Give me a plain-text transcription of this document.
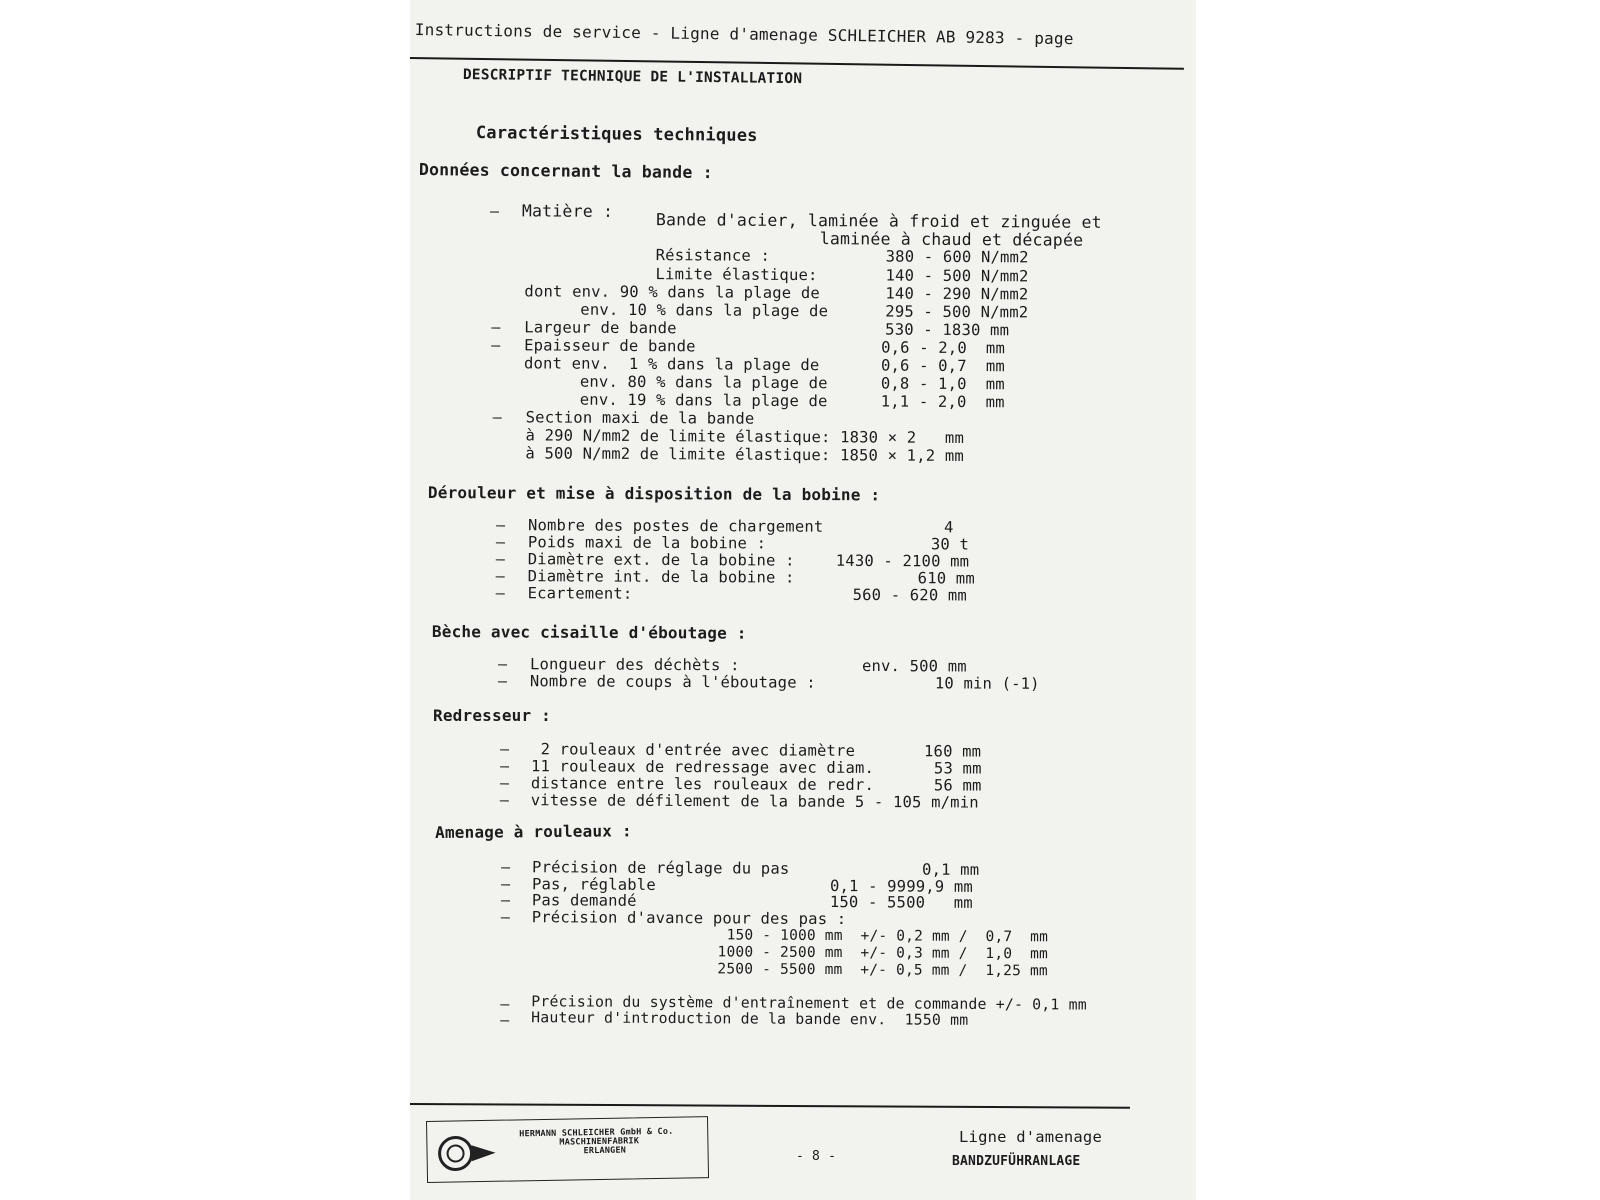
Instructions de service - Ligne d'amenage SCHLEICHER AB 9283 - page
DESCRIPTIF TECHNIQUE DE L'INSTALLATION
Caractéristiques techniques
Données concernant la bande :
– Matière :	Bande d'acier, laminée à froid et zinguée et
laminée à chaud et décapée
Résistance :	380 - 600 N/mm2
Limite élastique:	140 - 500 N/mm2
dont env. 90 % dans la plage de	140 - 290 N/mm2
env. 10 % dans la plage de	295 - 500 N/mm2
– Largeur de bande	530 - 1830 mm
– Epaisseur de bande	0,6 - 2,0  mm
dont env.  1 % dans la plage de	0,6 - 0,7  mm
env. 80 % dans la plage de	0,8 - 1,0  mm
env. 19 % dans la plage de	1,1 - 2,0  mm
– Section maxi de la bande
à 290 N/mm2 de limite élastique: 1830 × 2   mm
à 500 N/mm2 de limite élastique: 1850 × 1,2 mm
Dérouleur et mise à disposition de la bobine :
– Nombre des postes de chargement	4
– Poids maxi de la bobine :	30 t
– Diamètre ext. de la bobine :	1430 - 2100 mm
– Diamètre int. de la bobine :	610 mm
– Ecartement:	560 - 620 mm
Bèche avec cisaille d'éboutage :
– Longueur des déchèts :	env. 500 mm
– Nombre de coups à l'éboutage :	10 min (-1)
Redresseur :
– 2 rouleaux d'entrée avec diamètre	160 mm
– 11 rouleaux de redressage avec diam.	53 mm
– distance entre les rouleaux de redr.	56 mm
– vitesse de défilement de la bande 5 - 105 m/min
Amenage à rouleaux :
– Précision de réglage du pas	0,1 mm
– Pas, réglable	0,1 - 9999,9 mm
– Pas demandé	150 - 5500   mm
– Précision d'avance pour des pas :
150 - 1000 mm  +/- 0,2 mm /  0,7  mm
1000 - 2500 mm  +/- 0,3 mm /  1,0  mm
2500 - 5500 mm  +/- 0,5 mm /  1,25 mm
– Précision du système d'entraînement et de commande +/- 0,1 mm
– Hauteur d'introduction de la bande env.  1550 mm
HERMANN SCHLEICHER GmbH & Co.
MASCHINENFABRIK
ERLANGEN	- 8 -
Ligne d'amenage
BANDZUFÜHRANLAGE
